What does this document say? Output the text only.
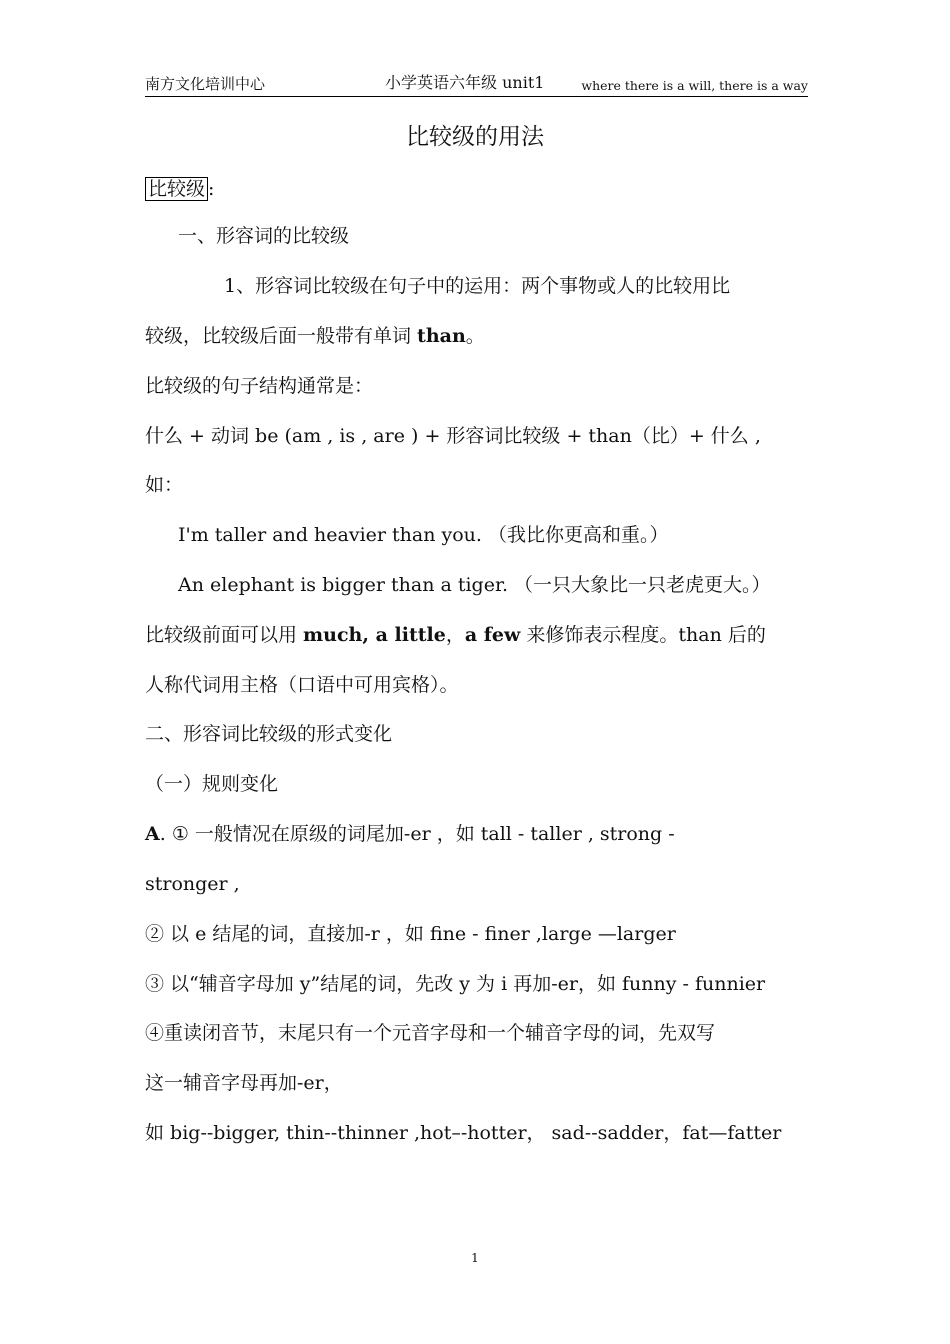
南方文化培训中心	小学英语六年级 unit1	where there is a will, there is a way
比较级的用法
比较级 :
一、形容词的比较级
1、形容词比较级在句子中的运用：两个事物或人的比较用比
较级，比较级后面一般带有单词 than。
比较级的句子结构通常是：
什么 + 动词 be (am , is , are ) + 形容词比较级 + than（比）+ 什么 ,
如：
I'm taller and heavier than you. （我比你更高和重。）
An elephant is bigger than a tiger. （一只大象比一只老虎更大。）
比较级前面可以用 much, a little，a few 来修饰表示程度。than 后的
人称代词用主格（口语中可用宾格）。
二、形容词比较级的形式变化
（一）规则变化
A. ① 一般情况在原级的词尾加-er ，如 tall - taller , strong -
stronger ,
② 以 e 结尾的词，直接加-r ，如 fine - finer ,large —larger
③ 以“辅音字母加 y”结尾的词，先改 y 为 i 再加-er，如 funny - funnier
④重读闭音节，末尾只有一个元音字母和一个辅音字母的词，先双写
这一辅音字母再加-er，
如 big--bigger, thin--thinner ,hot–-hotter， sad--sadder，fat—fatter
1
